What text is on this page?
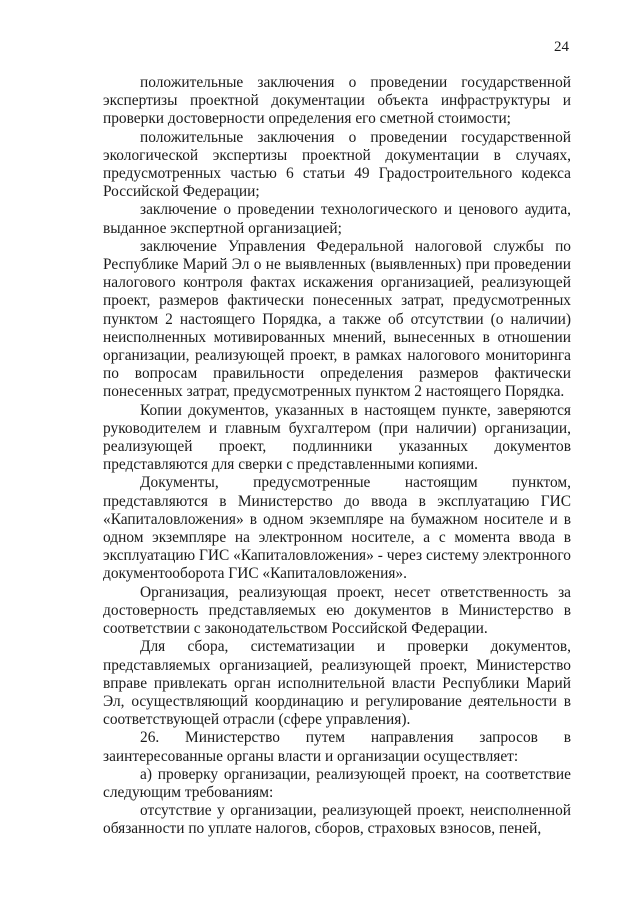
24

положительные заключения о проведении государственной экспертизы проектной документации объекта инфраструктуры и проверки достоверности определения его сметной стоимости;

положительные заключения о проведении государственной экологической экспертизы проектной документации в случаях, предусмотренных частью 6 статьи 49 Градостроительного кодекса Российской Федерации;

заключение о проведении технологического и ценового аудита, выданное экспертной организацией;

заключение Управления Федеральной налоговой службы по Республике Марий Эл о не выявленных (выявленных) при проведении налогового контроля фактах искажения организацией, реализующей проект, размеров фактически понесенных затрат, предусмотренных пунктом 2 настоящего Порядка, а также об отсутствии (о наличии) неисполненных мотивированных мнений, вынесенных в отношении организации, реализующей проект, в рамках налогового мониторинга по вопросам правильности определения размеров фактически понесенных затрат, предусмотренных пунктом 2 настоящего Порядка.

Копии документов, указанных в настоящем пункте, заверяются руководителем и главным бухгалтером (при наличии) организации, реализующей проект, подлинники указанных документов представляются для сверки с представленными копиями.

Документы, предусмотренные настоящим пунктом, представляются в Министерство до ввода в эксплуатацию ГИС «Капиталовложения» в одном экземпляре на бумажном носителе и в одном экземпляре на электронном носителе, а с момента ввода в эксплуатацию ГИС «Капиталовложения» - через систему электронного документооборота ГИС «Капиталовложения».

Организация, реализующая проект, несет ответственность за достоверность представляемых ею документов в Министерство в соответствии с законодательством Российской Федерации.

Для сбора, систематизации и проверки документов, представляемых организацией, реализующей проект, Министерство вправе привлекать орган исполнительной власти Республики Марий Эл, осуществляющий координацию и регулирование деятельности в соответствующей отрасли (сфере управления).

26. Министерство путем направления запросов в заинтересованные органы власти и организации осуществляет:

а) проверку организации, реализующей проект, на соответствие следующим требованиям:

отсутствие у организации, реализующей проект, неисполненной обязанности по уплате налогов, сборов, страховых взносов, пеней,
